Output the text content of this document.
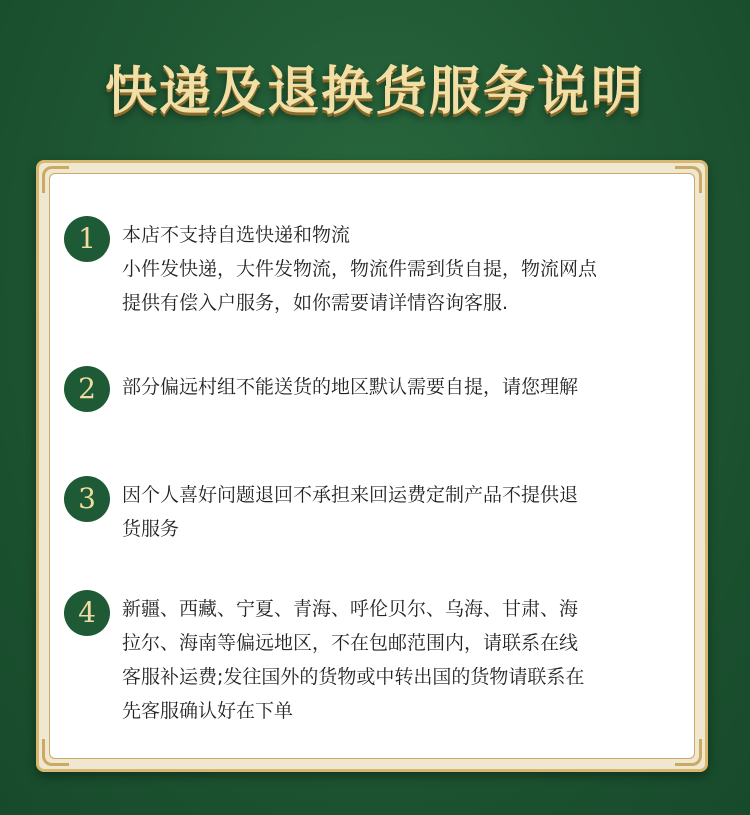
快递及退换货服务说明
1	本店不支持自选快递和物流

小件发快递，大件发物流，物流件需到货自提，物流网点

提供有偿入户服务，如你需要请详情咨询客服.

2	部分偏远村组不能送货的地区默认需要自提，请您理解

3	因个人喜好问题退回不承担来回运费定制产品不提供退

货服务

4	新疆、西藏、宁夏、青海、呼伦贝尔、乌海、甘肃、海

拉尔、海南等偏远地区，不在包邮范围内，请联系在线

客服补运费;发往国外的货物或中转出国的货物请联系在

先客服确认好在下单
